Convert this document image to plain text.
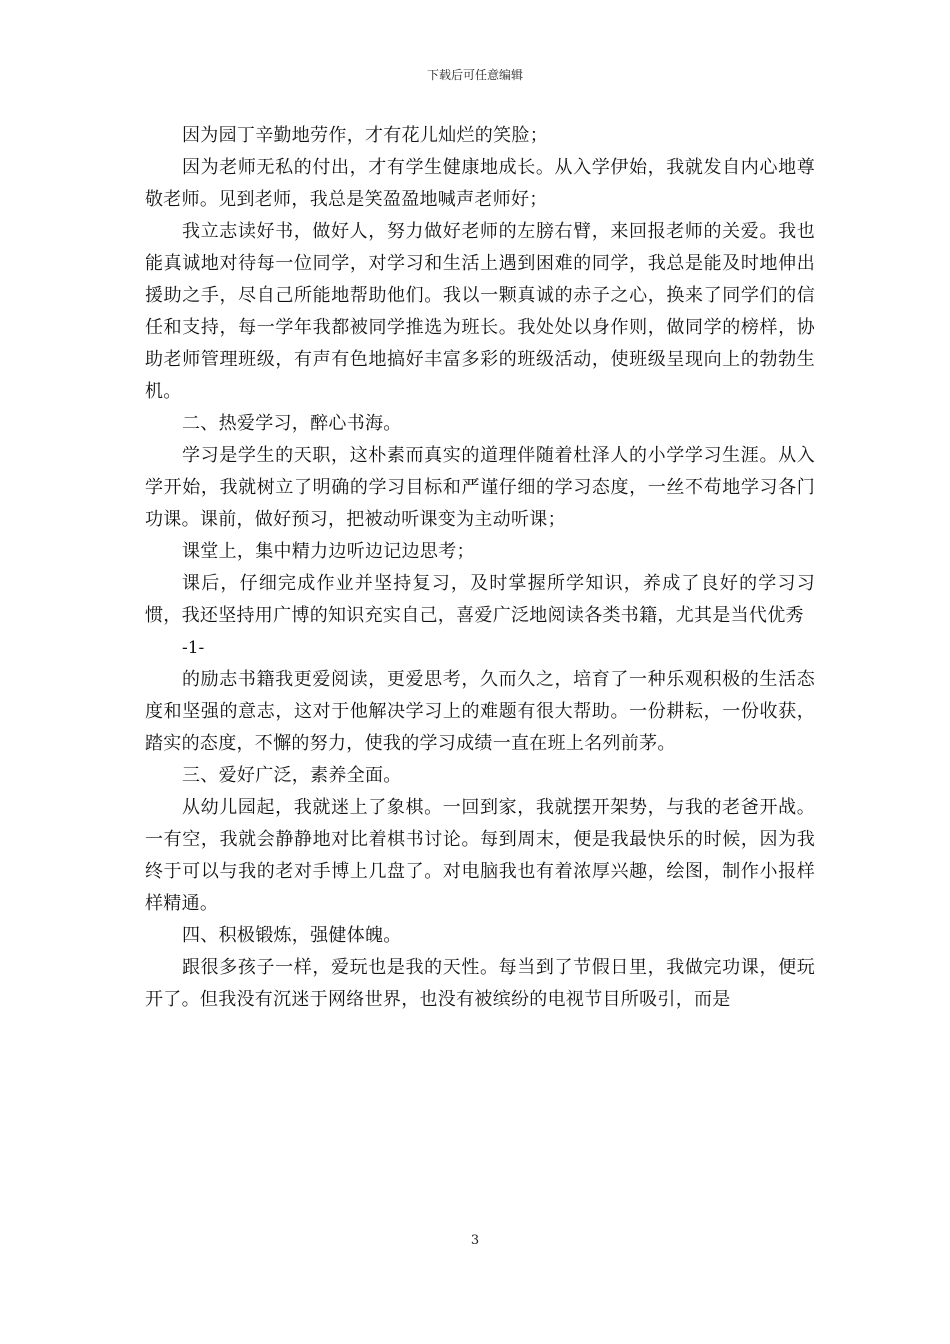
下载后可任意编辑

因为园丁辛勤地劳作，才有花儿灿烂的笑脸；

因为老师无私的付出，才有学生健康地成长。从入学伊始，我就发自内心地尊敬老师。见到老师，我总是笑盈盈地喊声老师好；

我立志读好书，做好人，努力做好老师的左膀右臂，来回报老师的关爱。我也能真诚地对待每一位同学，对学习和生活上遇到困难的同学，我总是能及时地伸出援助之手，尽自己所能地帮助他们。我以一颗真诚的赤子之心，换来了同学们的信任和支持，每一学年我都被同学推选为班长。我处处以身作则，做同学的榜样，协助老师管理班级，有声有色地搞好丰富多彩的班级活动，使班级呈现向上的勃勃生机。

二、热爱学习，醉心书海。

学习是学生的天职，这朴素而真实的道理伴随着杜泽人的小学学习生涯。从入学开始，我就树立了明确的学习目标和严谨仔细的学习态度，一丝不苟地学习各门功课。课前，做好预习，把被动听课变为主动听课；

课堂上，集中精力边听边记边思考；

课后，仔细完成作业并坚持复习，及时掌握所学知识，养成了良好的学习习惯，我还坚持用广博的知识充实自己，喜爱广泛地阅读各类书籍，尤其是当代优秀

-1-

的励志书籍我更爱阅读，更爱思考，久而久之，培育了一种乐观积极的生活态度和坚强的意志，这对于他解决学习上的难题有很大帮助。一份耕耘，一份收获，踏实的态度，不懈的努力，使我的学习成绩一直在班上名列前茅。

三、爱好广泛，素养全面。

从幼儿园起，我就迷上了象棋。一回到家，我就摆开架势，与我的老爸开战。一有空，我就会静静地对比着棋书讨论。每到周末，便是我最快乐的时候，因为我终于可以与我的老对手博上几盘了。对电脑我也有着浓厚兴趣，绘图，制作小报样样精通。

四、积极锻炼，强健体魄。

跟很多孩子一样，爱玩也是我的天性。每当到了节假日里，我做完功课，便玩开了。但我没有沉迷于网络世界，也没有被缤纷的电视节目所吸引，而是

3
